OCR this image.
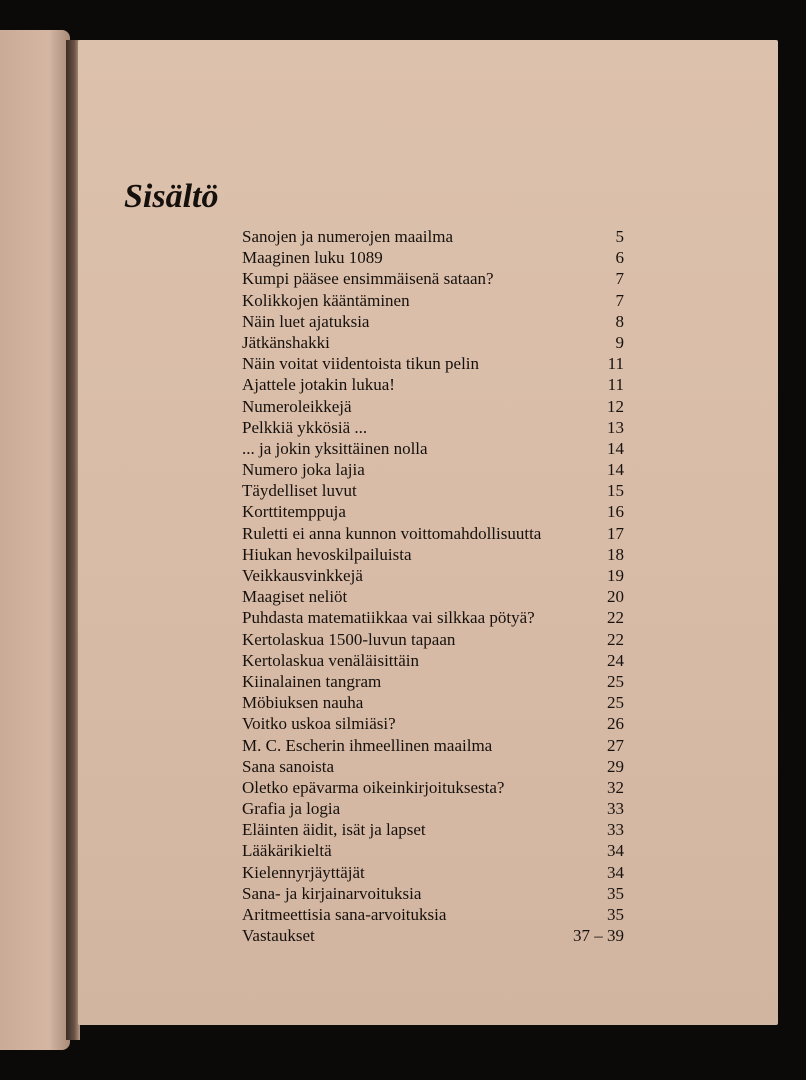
Sisältö
Sanojen ja numerojen maailma	5
Maaginen luku 1089	6
Kumpi pääsee ensimmäisenä sataan?	7
Kolikkojen kääntäminen	7
Näin luet ajatuksia	8
Jätkänshakki	9
Näin voitat viidentoista tikun pelin	11
Ajattele jotakin lukua!	11
Numeroleikkejä	12
Pelkkiä ykkösiä ...	13
... ja jokin yksittäinen nolla	14
Numero joka lajia	14
Täydelliset luvut	15
Korttitemppuja	16
Ruletti ei anna kunnon voittomahdollisuutta	17
Hiukan hevoskilpailuista	18
Veikkausvinkkejä	19
Maagiset neliöt	20
Puhdasta matematiikkaa vai silkkaa pötyä?	22
Kertolaskua 1500-luvun tapaan	22
Kertolaskua venäläisittäin	24
Kiinalainen tangram	25
Möbiuksen nauha	25
Voitko uskoa silmiäsi?	26
M. C. Escherin ihmeellinen maailma	27
Sana sanoista	29
Oletko epävarma oikeinkirjoituksesta?	32
Grafia ja logia	33
Eläinten äidit, isät ja lapset	33
Lääkärikieltä	34
Kielennyrjäyttäjät	34
Sana- ja kirjainarvoituksia	35
Aritmeettisia sana-arvoituksia	35
Vastaukset	37 – 39
